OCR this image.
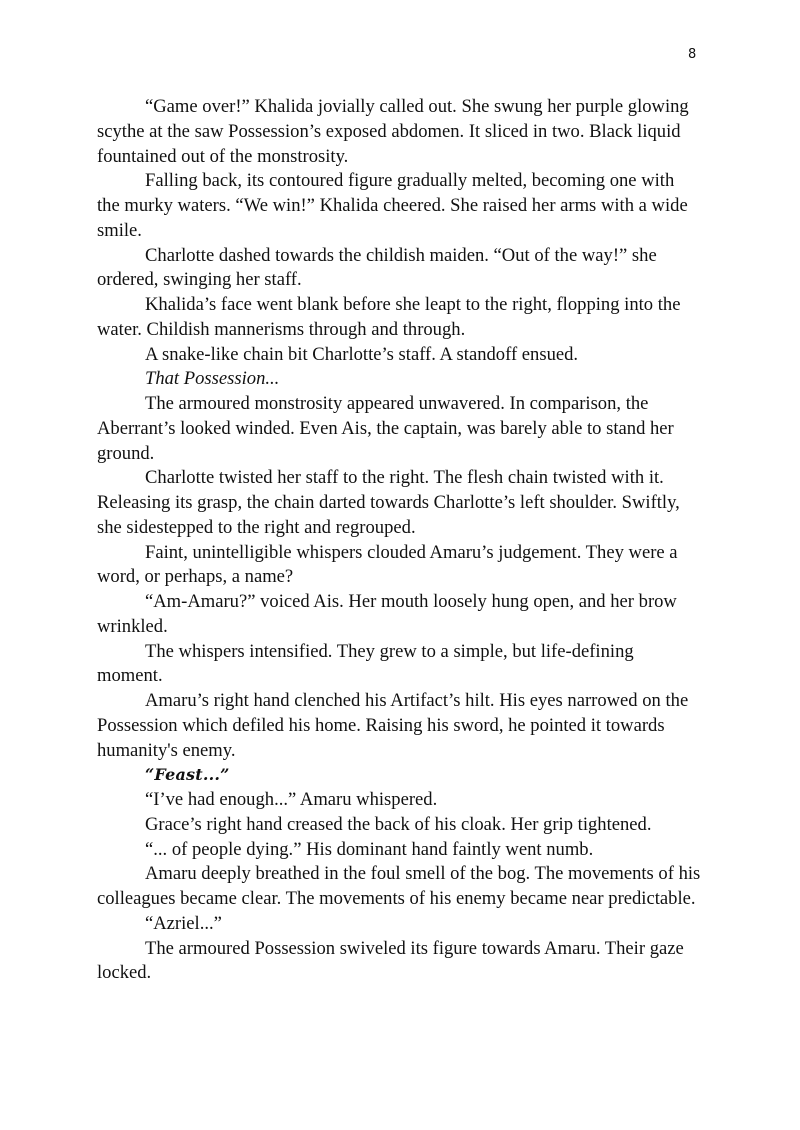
8

“Game over!” Khalida jovially called out. She swung her purple glowing scythe at the saw Possession’s exposed abdomen. It sliced in two. Black liquid fountained out of the monstrosity.

Falling back, its contoured figure gradually melted, becoming one with the murky waters. “We win!” Khalida cheered. She raised her arms with a wide smile.

Charlotte dashed towards the childish maiden. “Out of the way!” she ordered, swinging her staff.

Khalida’s face went blank before she leapt to the right, flopping into the water. Childish mannerisms through and through.

A snake-like chain bit Charlotte’s staff. A standoff ensued.

That Possession...

The armoured monstrosity appeared unwavered. In comparison, the Aberrant’s looked winded. Even Ais, the captain, was barely able to stand her ground.

Charlotte twisted her staff to the right. The flesh chain twisted with it. Releasing its grasp, the chain darted towards Charlotte’s left shoulder. Swiftly, she sidestepped to the right and regrouped.

Faint, unintelligible whispers clouded Amaru’s judgement. They were a word, or perhaps, a name?

“Am-Amaru?” voiced Ais. Her mouth loosely hung open, and her brow wrinkled.

The whispers intensified. They grew to a simple, but life-defining moment.

Amaru’s right hand clenched his Artifact’s hilt. His eyes narrowed on the Possession which defiled his home. Raising his sword, he pointed it towards humanity's enemy.

“Feast...”

“I’ve had enough...” Amaru whispered.

Grace’s right hand creased the back of his cloak. Her grip tightened.

“... of people dying.” His dominant hand faintly went numb.

Amaru deeply breathed in the foul smell of the bog. The movements of his colleagues became clear. The movements of his enemy became near predictable.

“Azriel...”

The armoured Possession swiveled its figure towards Amaru. Their gaze locked.
